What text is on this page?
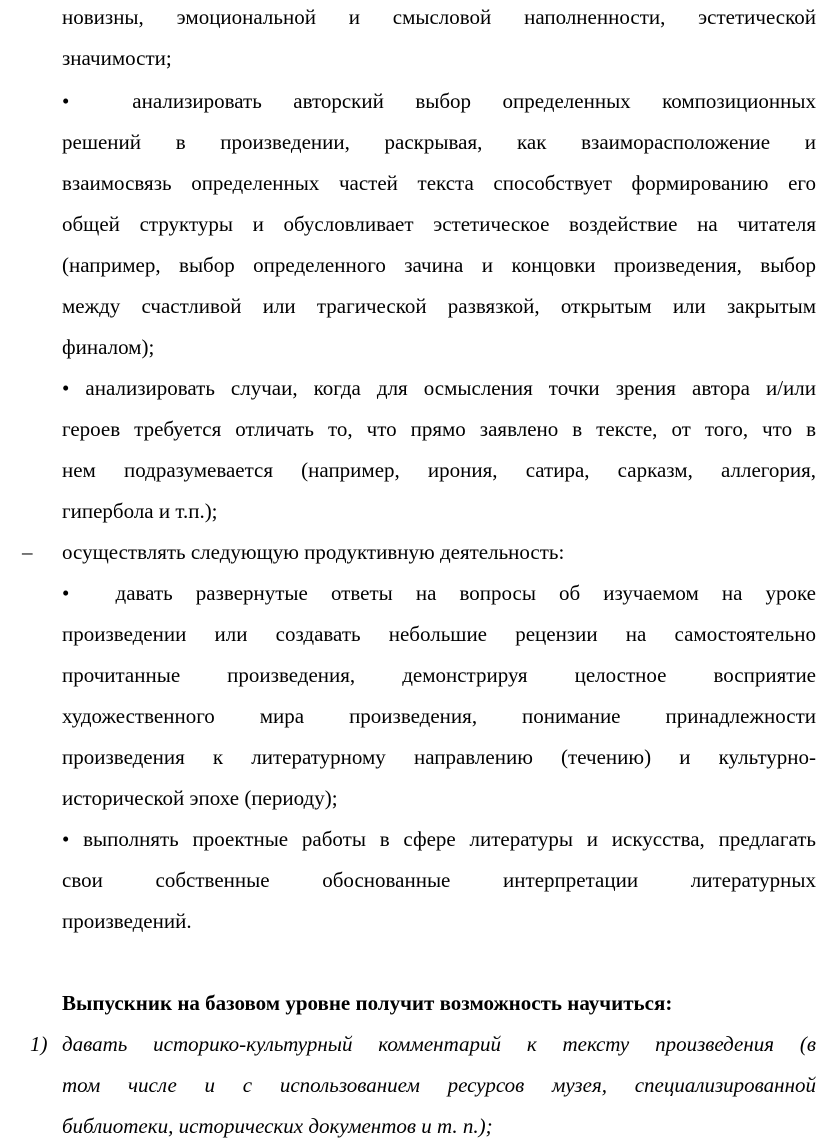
новизны, эмоциональной и смысловой наполненности, эстетической
значимости;
•	анализировать авторский выбор определенных композиционных
решений в произведении, раскрывая, как взаиморасположение и
взаимосвязь определенных частей текста способствует формированию его
общей структуры и обусловливает эстетическое воздействие на читателя
(например, выбор определенного зачина и концовки произведения, выбор
между счастливой или трагической развязкой, открытым или закрытым
финалом);
• анализировать случаи, когда для осмысления точки зрения автора и/или
героев требуется отличать то, что прямо заявлено в тексте, от того, что в
нем подразумевается (например, ирония, сатира, сарказм, аллегория,
гипербола и т.п.);
– осуществлять следующую продуктивную деятельность:
• давать развернутые ответы на вопросы об изучаемом на уроке
произведении или создавать небольшие рецензии на самостоятельно
прочитанные произведения, демонстрируя целостное восприятие
художественного мира произведения, понимание принадлежности
произведения к литературному направлению (течению) и культурно-
исторической эпохе (периоду);
• выполнять проектные работы в сфере литературы и искусства, предлагать
свои собственные обоснованные интерпретации литературных
произведений.
Выпускник на базовом уровне получит возможность научиться:
1) давать историко-культурный комментарий к тексту произведения (в
том числе и с использованием ресурсов музея, специализированной
библиотеки, исторических документов и т. п.);
